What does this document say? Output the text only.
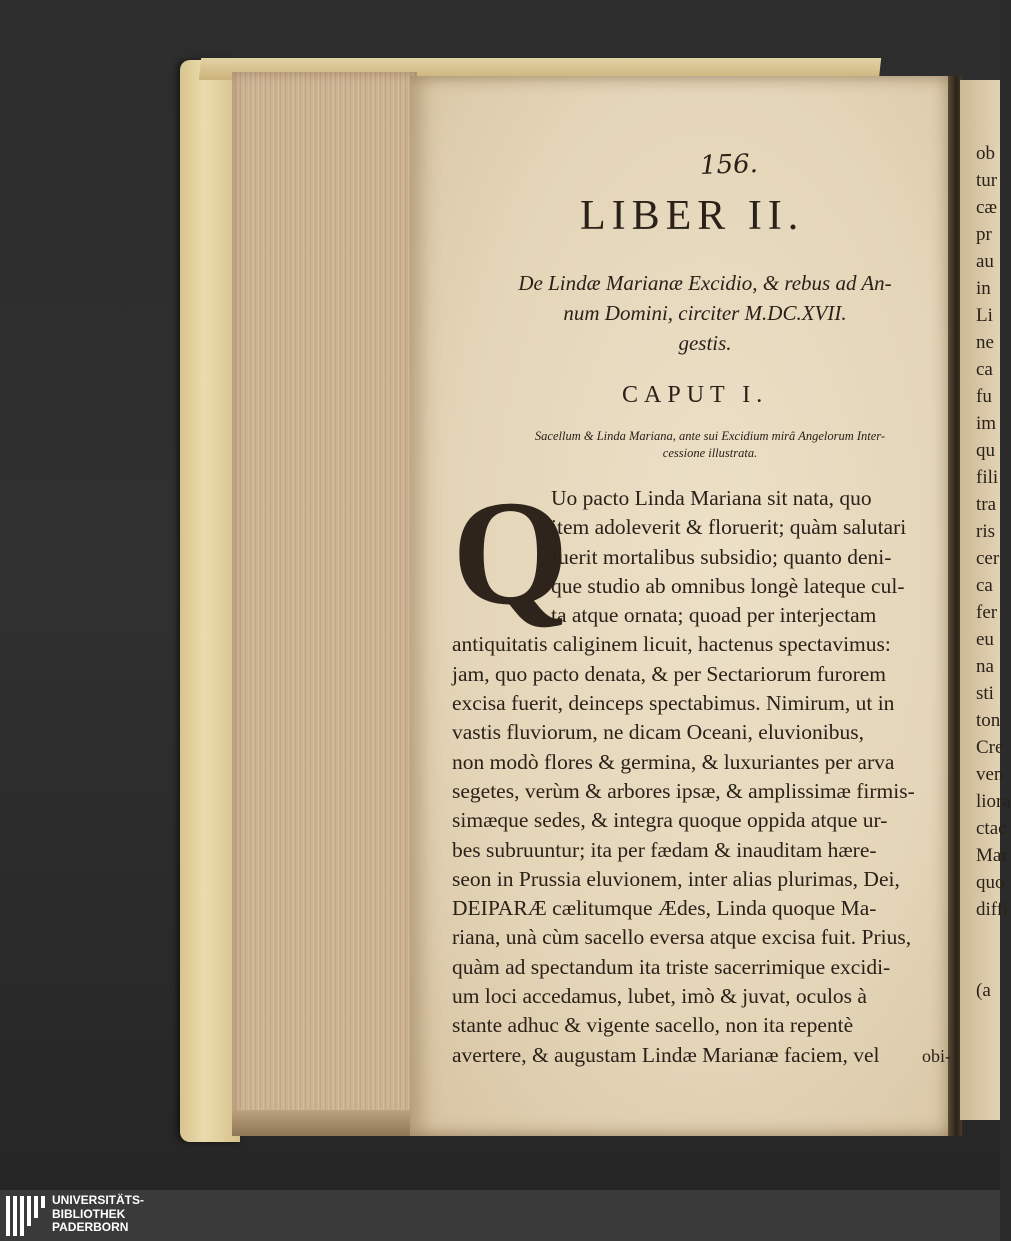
156.
LIBER II.
De Lindæ Marianæ Excidio, & rebus ad An-
num Domini, circiter M.DC.XVII.
gestis.
CAPUT I.
Sacellum & Linda Mariana, ante sui Excidium mirâ Angelorum Inter-
cessione illustrata.
Q
Uo pacto Linda Mariana sit nata, quo
item adoleverit & floruerit; quàm salutari
fuerit mortalibus subsidio; quanto deni-
que studio ab omnibus longè lateque cul-
ta atque ornata; quoad per interjectam
antiquitatis caliginem licuit, hactenus spectavimus:
jam, quo pacto denata, & per Sectariorum furorem
excisa fuerit, deinceps spectabimus. Nimirum, ut in
vastis fluviorum, ne dicam Oceani, eluvionibus,
non modò flores & germina, & luxuriantes per arva
segetes, verùm & arbores ipsæ, & amplissimæ firmis-
simæque sedes, & integra quoque oppida atque ur-
bes subruuntur; ita per fædam & inauditam hære-
seon in Prussia eluvionem, inter alias plurimas, Dei,
DEIPARÆ cælitumque Ædes, Linda quoque Ma-
riana, unà cùm sacello eversa atque excisa fuit. Prius,
quàm ad spectandum ita triste sacerrimique excidi-
um loci accedamus, lubet, imò & juvat, oculos à
stante adhuc & vigente sacello, non ita repentè
avertere, & augustam Lindæ Marianæ faciem, vel	obi-
ob
tur
cæ
pr
au
in
Li
ne
ca
fu
im
qu
fili
tra
ris
cer
ca
fer
eu
na
sti
ton
Cre
ven
liora
ctac
Mar
quo
diffi

(a
UNIVERSITÄTS-
BIBLIOTHEK
PADERBORN
